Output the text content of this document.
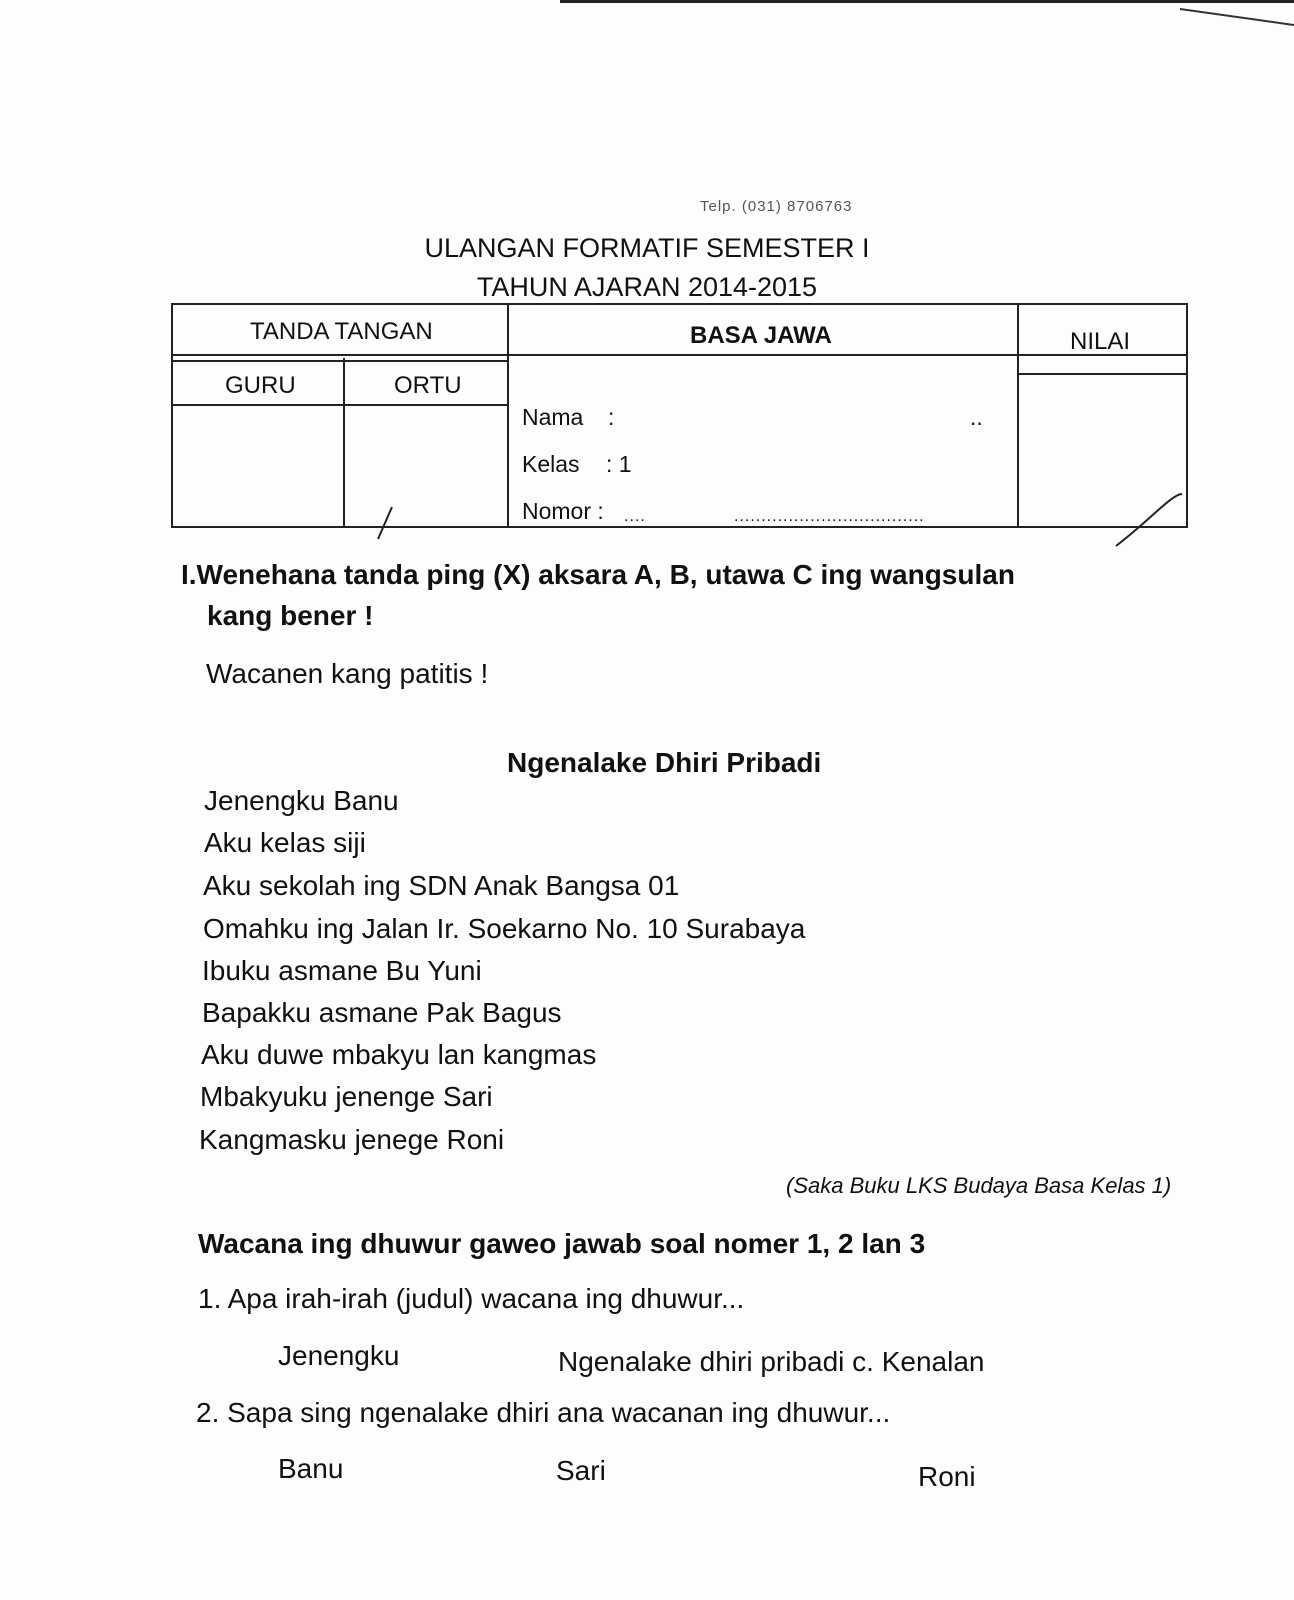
Telp. (031) 8706763
ULANGAN FORMATIF SEMESTER I
TAHUN AJARAN 2014-2015
TANDA TANGAN	BASA JAWA	NILAI
GURU	ORTU
Nama :	..
Kelas : 1
Nomor : ....	...................................
I.Wenehana tanda ping (X) aksara A, B, utawa C ing wangsulan
kang bener !
Wacanen kang patitis !
Ngenalake Dhiri Pribadi
Jenengku Banu
Aku kelas siji
Aku sekolah ing SDN Anak Bangsa 01
Omahku ing Jalan Ir. Soekarno No. 10 Surabaya
Ibuku asmane Bu Yuni
Bapakku asmane Pak Bagus
Aku duwe mbakyu lan kangmas
Mbakyuku jenenge Sari
Kangmasku jenege Roni
(Saka Buku LKS Budaya Basa Kelas 1)
Wacana ing dhuwur gaweo jawab soal nomer 1, 2 lan 3
1. Apa irah-irah (judul) wacana ing dhuwur...
Jenengku	Ngenalake dhiri pribadi c. Kenalan
2. Sapa sing ngenalake dhiri ana wacanan ing dhuwur...
Banu	Sari	Roni
